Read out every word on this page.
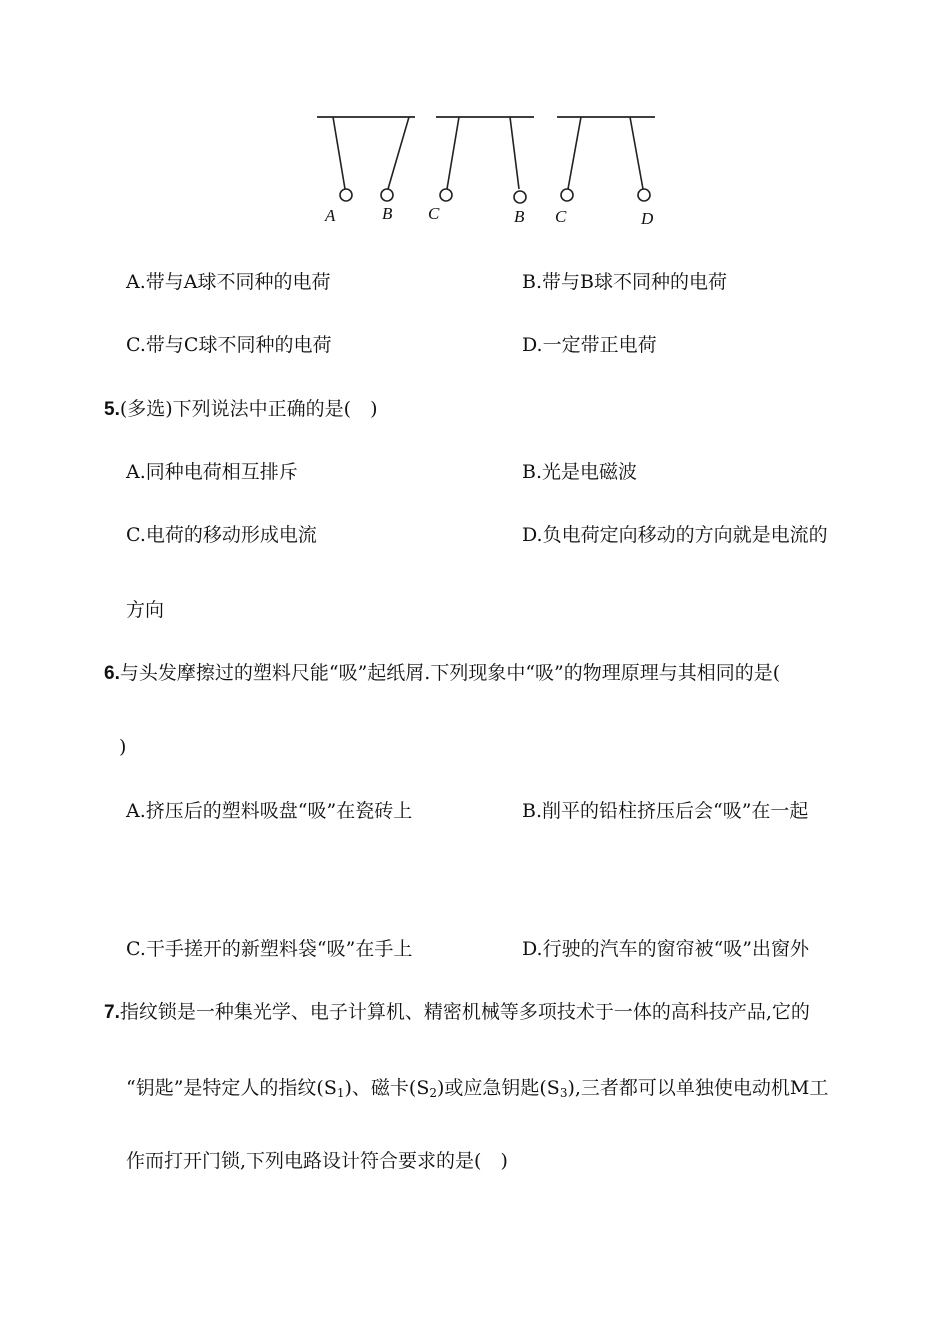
A	B C	B C	D
A.带与A球不同种的电荷	B.带与B球不同种的电荷
C.带与C球不同种的电荷	D.一定带正电荷
5.(多选)下列说法中正确的是(　)
A.同种电荷相互排斥	B.光是电磁波
C.电荷的移动形成电流	D.负电荷定向移动的方向就是电流的
方向
6.与头发摩擦过的塑料尺能“吸”起纸屑.下列现象中“吸”的物理原理与其相同的是(
)
A.挤压后的塑料吸盘“吸”在瓷砖上	B.削平的铅柱挤压后会“吸”在一起
C.干手搓开的新塑料袋“吸”在手上	D.行驶的汽车的窗帘被“吸”出窗外
7.指纹锁是一种集光学、电子计算机、精密机械等多项技术于一体的高科技产品,它的
“钥匙”是特定人的指纹$(S_1)$、磁卡$(S_2)$或应急钥匙$(S_3)$,三者都可以单独使电动机M工
作而打开门锁,下列电路设计符合要求的是(　)
